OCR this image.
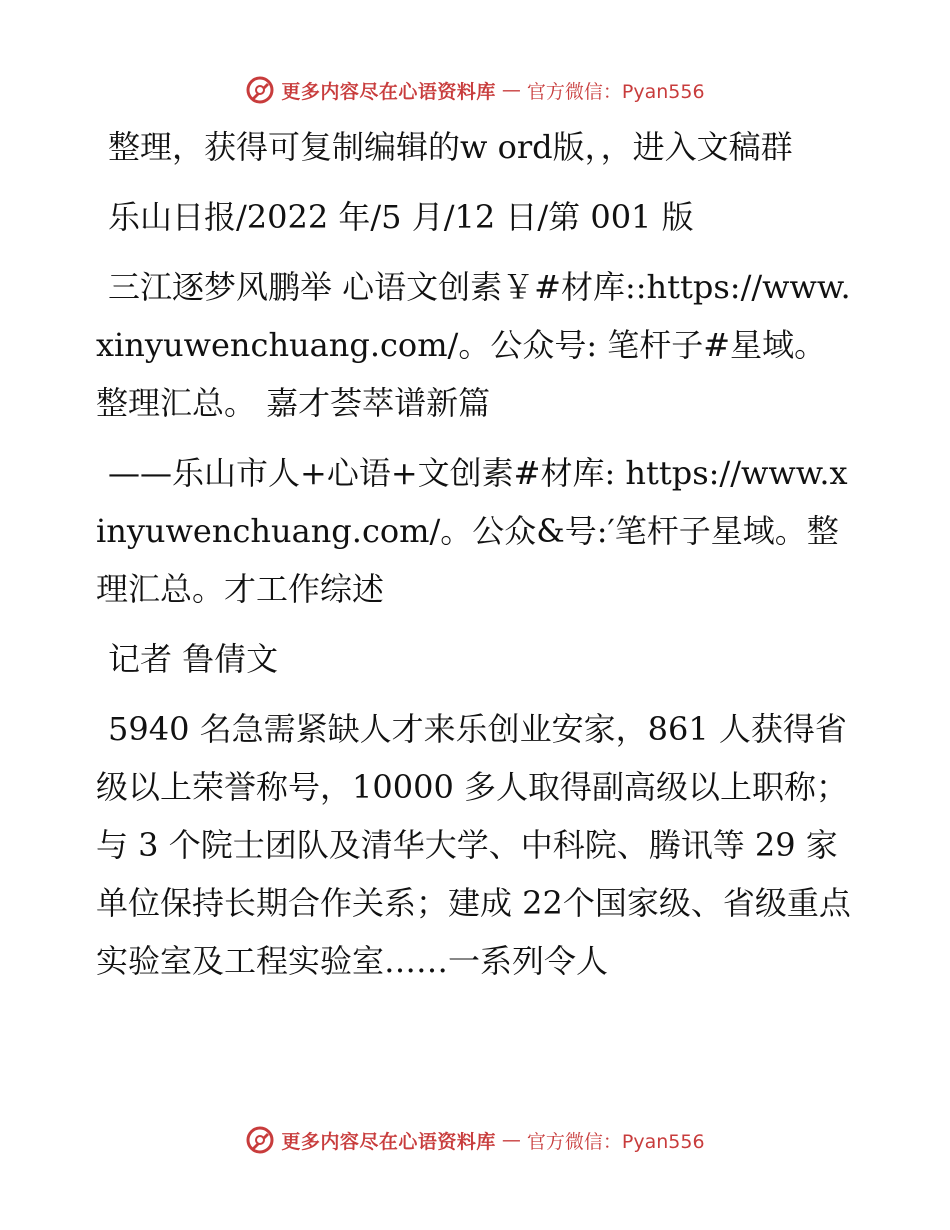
更多内容尽在心语资料库 — 官方微信：Pyan556

整理，获得可复制编辑的w ord版，，进入文稿群

乐山日报/2022 年/5 月/12 日/第 001 版

三江逐梦风鹏举 心语文创素￥#材库::https://www.xinyuwenchuang.com/。公众号: 笔杆子#星域。整理汇总。 嘉才荟萃谱新篇

——乐山市人+心语+文创素#材库: https://www.xinyuwenchuang.com/。公众&号:′笔杆子星域。整理汇总。才工作综述

记者 鲁倩文

5940 名急需紧缺人才来乐创业安家，861 人获得省级以上荣誉称号，10000 多人取得副高级以上职称；与 3 个院士团队及清华大学、中科院、腾讯等 29 家单位保持长期合作关系；建成 22个国家级、省级重点实验室及工程实验室……一系列令人

更多内容尽在心语资料库 — 官方微信：Pyan556
